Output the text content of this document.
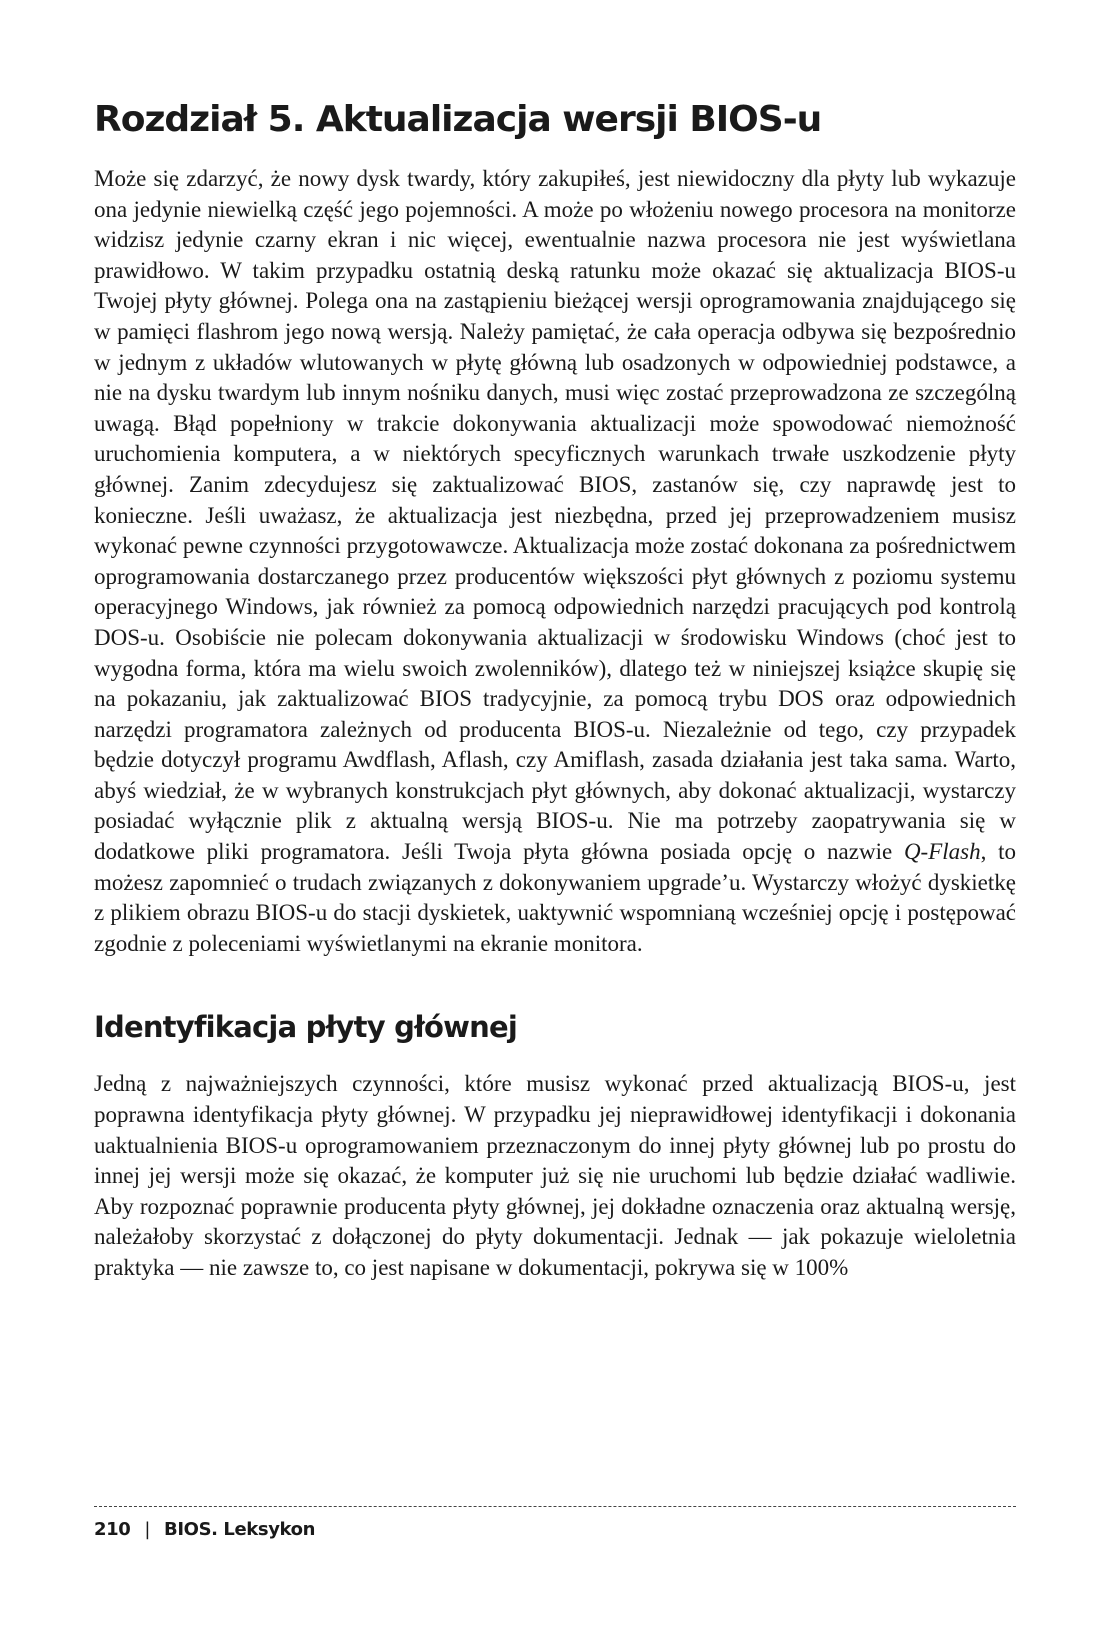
Rozdział 5. Aktualizacja wersji BIOS-u

Może się zdarzyć, że nowy dysk twardy, który zakupiłeś, jest niewidoczny dla płyty lub wykazuje ona jedynie niewielką część jego pojemności. A może po włożeniu nowego procesora na monitorze widzisz jedynie czarny ekran i nic więcej, ewentualnie nazwa procesora nie jest wyświetlana prawidłowo. W takim przypadku ostatnią deską ratunku może okazać się aktualizacja BIOS-u Twojej płyty głównej. Polega ona na zastąpieniu bieżącej wersji oprogramowania znajdującego się w pamięci flashrom jego nową wersją. Należy pamiętać, że cała operacja odbywa się bezpośrednio w jednym z układów wlutowanych w płytę główną lub osadzonych w odpowiedniej podstawce, a nie na dysku twardym lub innym nośniku danych, musi więc zostać przeprowadzona ze szczególną uwagą. Błąd popełniony w trakcie dokonywania aktualizacji może spowodować niemożność uruchomienia komputera, a w niektórych specyficznych warunkach trwałe uszkodzenie płyty głównej. Zanim zdecydujesz się zaktualizować BIOS, zastanów się, czy naprawdę jest to konieczne. Jeśli uważasz, że aktualizacja jest niezbędna, przed jej przeprowadzeniem musisz wykonać pewne czynności przygotowawcze. Aktualizacja może zostać dokonana za pośrednictwem oprogramowania dostarczanego przez producentów większości płyt głównych z poziomu systemu operacyjnego Windows, jak również za pomocą odpowiednich narzędzi pracujących pod kontrolą DOS-u. Osobiście nie polecam dokonywania aktualizacji w środowisku Windows (choć jest to wygodna forma, która ma wielu swoich zwolenników), dlatego też w niniejszej książce skupię się na pokazaniu, jak zaktualizować BIOS tradycyjnie, za pomocą trybu DOS oraz odpowiednich narzędzi programatora zależnych od producenta BIOS-u. Niezależnie od tego, czy przypadek będzie dotyczył programu Awdflash, Aflash, czy Amiflash, zasada działania jest taka sama. Warto, abyś wiedział, że w wybranych konstrukcjach płyt głównych, aby dokonać aktualizacji, wystarczy posiadać wyłącznie plik z aktualną wersją BIOS-u. Nie ma potrzeby zaopatrywania się w dodatkowe pliki programatora. Jeśli Twoja płyta główna posiada opcję o nazwie Q-Flash, to możesz zapomnieć o trudach związanych z dokonywaniem upgrade’u. Wystarczy włożyć dyskietkę z plikiem obrazu BIOS-u do stacji dyskietek, uaktywnić wspomnianą wcześniej opcję i postępować zgodnie z poleceniami wyświetlanymi na ekranie monitora.

Identyfikacja płyty głównej

Jedną z najważniejszych czynności, które musisz wykonać przed aktualizacją BIOS-u, jest poprawna identyfikacja płyty głównej. W przypadku jej nieprawidłowej identyfikacji i dokonania uaktualnienia BIOS-u oprogramowaniem przeznaczonym do innej płyty głównej lub po prostu do innej jej wersji może się okazać, że komputer już się nie uruchomi lub będzie działać wadliwie. Aby rozpoznać poprawnie producenta płyty głównej, jej dokładne oznaczenia oraz aktualną wersję, należałoby skorzystać z dołączonej do płyty dokumentacji. Jednak — jak pokazuje wieloletnia praktyka — nie zawsze to, co jest napisane w dokumentacji, pokrywa się w 100%

210 | BIOS. Leksykon
